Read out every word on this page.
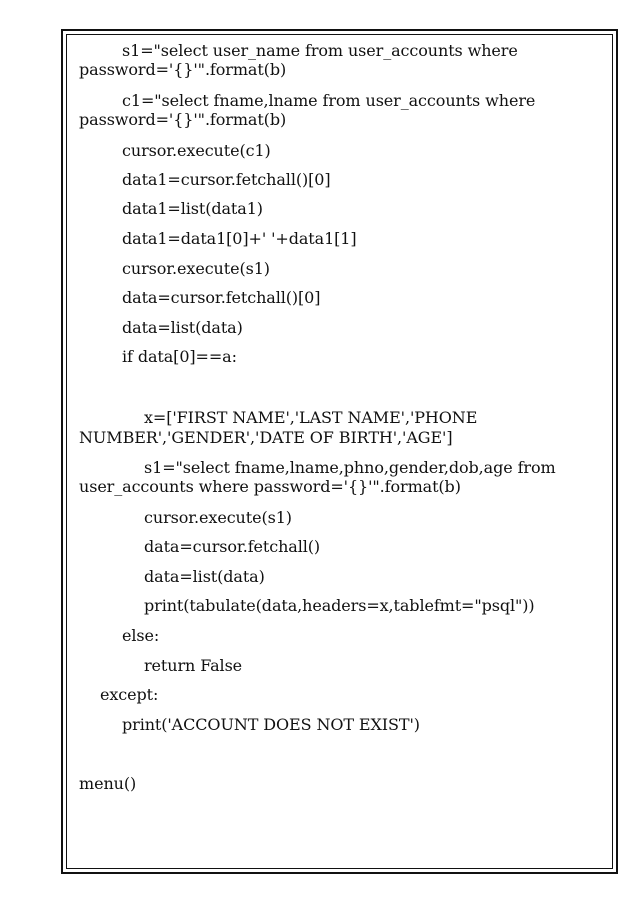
s1="select user_name from user_accounts where
password='{}'".format(b)
c1="select fname,lname from user_accounts where
password='{}'".format(b)
cursor.execute(c1)
data1=cursor.fetchall()[0]
data1=list(data1)
data1=data1[0]+' '+data1[1]
cursor.execute(s1)
data=cursor.fetchall()[0]
data=list(data)
if data[0]==a:
x=['FIRST NAME','LAST NAME','PHONE
NUMBER','GENDER','DATE OF BIRTH','AGE']
s1="select fname,lname,phno,gender,dob,age from
user_accounts where password='{}'".format(b)
cursor.execute(s1)
data=cursor.fetchall()
data=list(data)
print(tabulate(data,headers=x,tablefmt="psql"))
else:
return False
except:
print('ACCOUNT DOES NOT EXIST')
menu()
